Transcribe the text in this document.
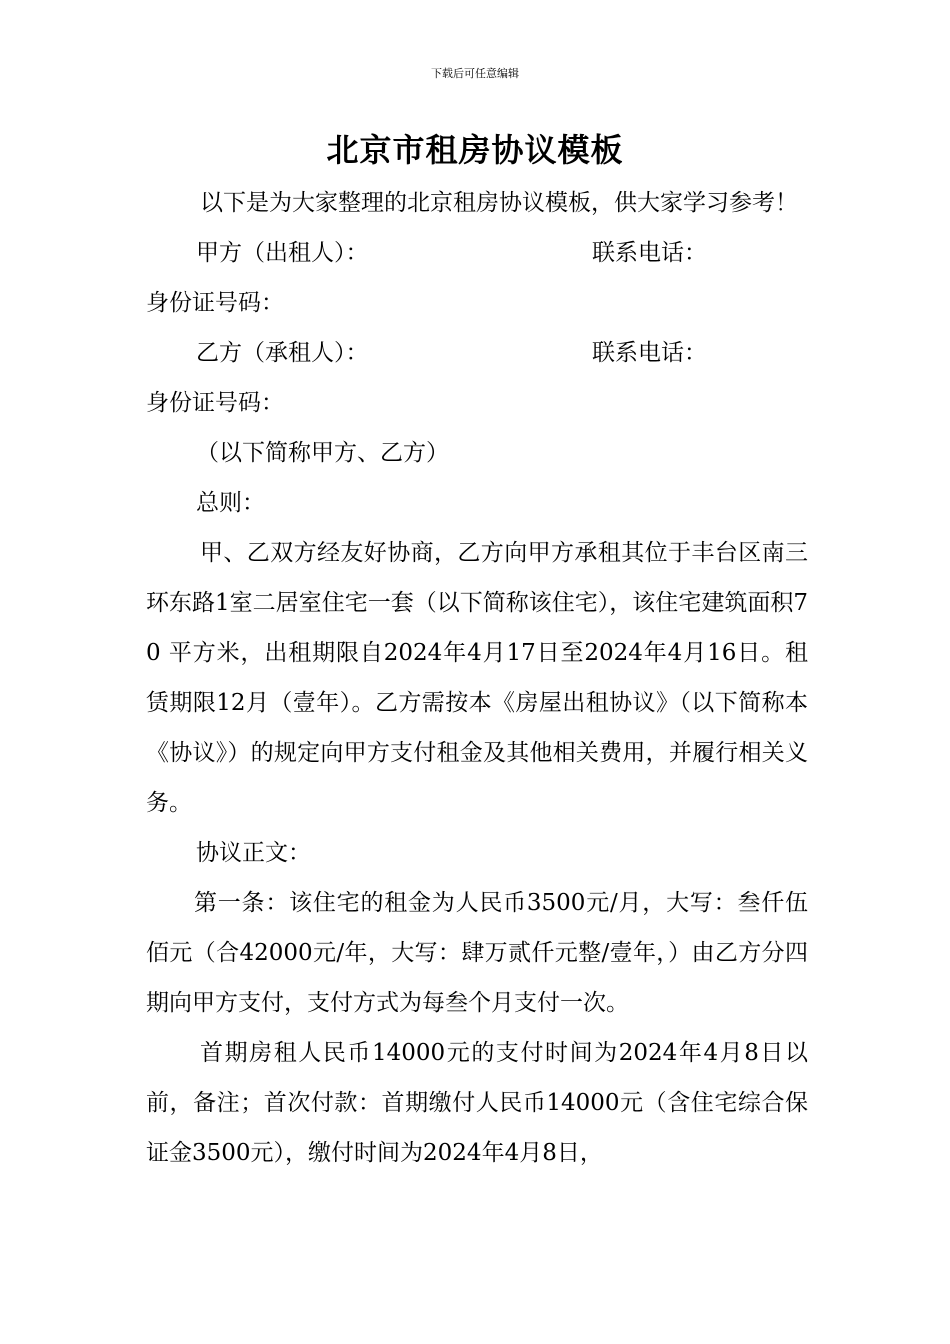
下载后可任意编辑
北京市租房协议模板

以下是为大家整理的北京租房协议模板，供大家学习参考！

甲方（出租人）：	联系电话：
身份证号码：
乙方（承租人）：	联系电话：
身份证号码：
（以下简称甲方、乙方）
总则：

甲、乙双方经友好协商，乙方向甲方承租其位于丰台区南三环东路1室二居室住宅一套（以下简称该住宅），该住宅建筑面积70 平方米，出租期限自2024年4月17日至2024年4月16日。租赁期限12月（壹年）。乙方需按本《房屋出租协议》（以下简称本《协议》）的规定向甲方支付租金及其他相关费用，并履行相关义务。

协议正文：

第一条：该住宅的租金为人民币3500元/月，大写：叁仟伍佰元（合42000元/年，大写：肆万贰仟元整/壹年，）由乙方分四期向甲方支付，支付方式为每叁个月支付一次。

首期房租人民币14000元的支付时间为2024年4月8日以前，备注；首次付款：首期缴付人民币14000元（含住宅综合保证金3500元），缴付时间为2024年4月8日，
